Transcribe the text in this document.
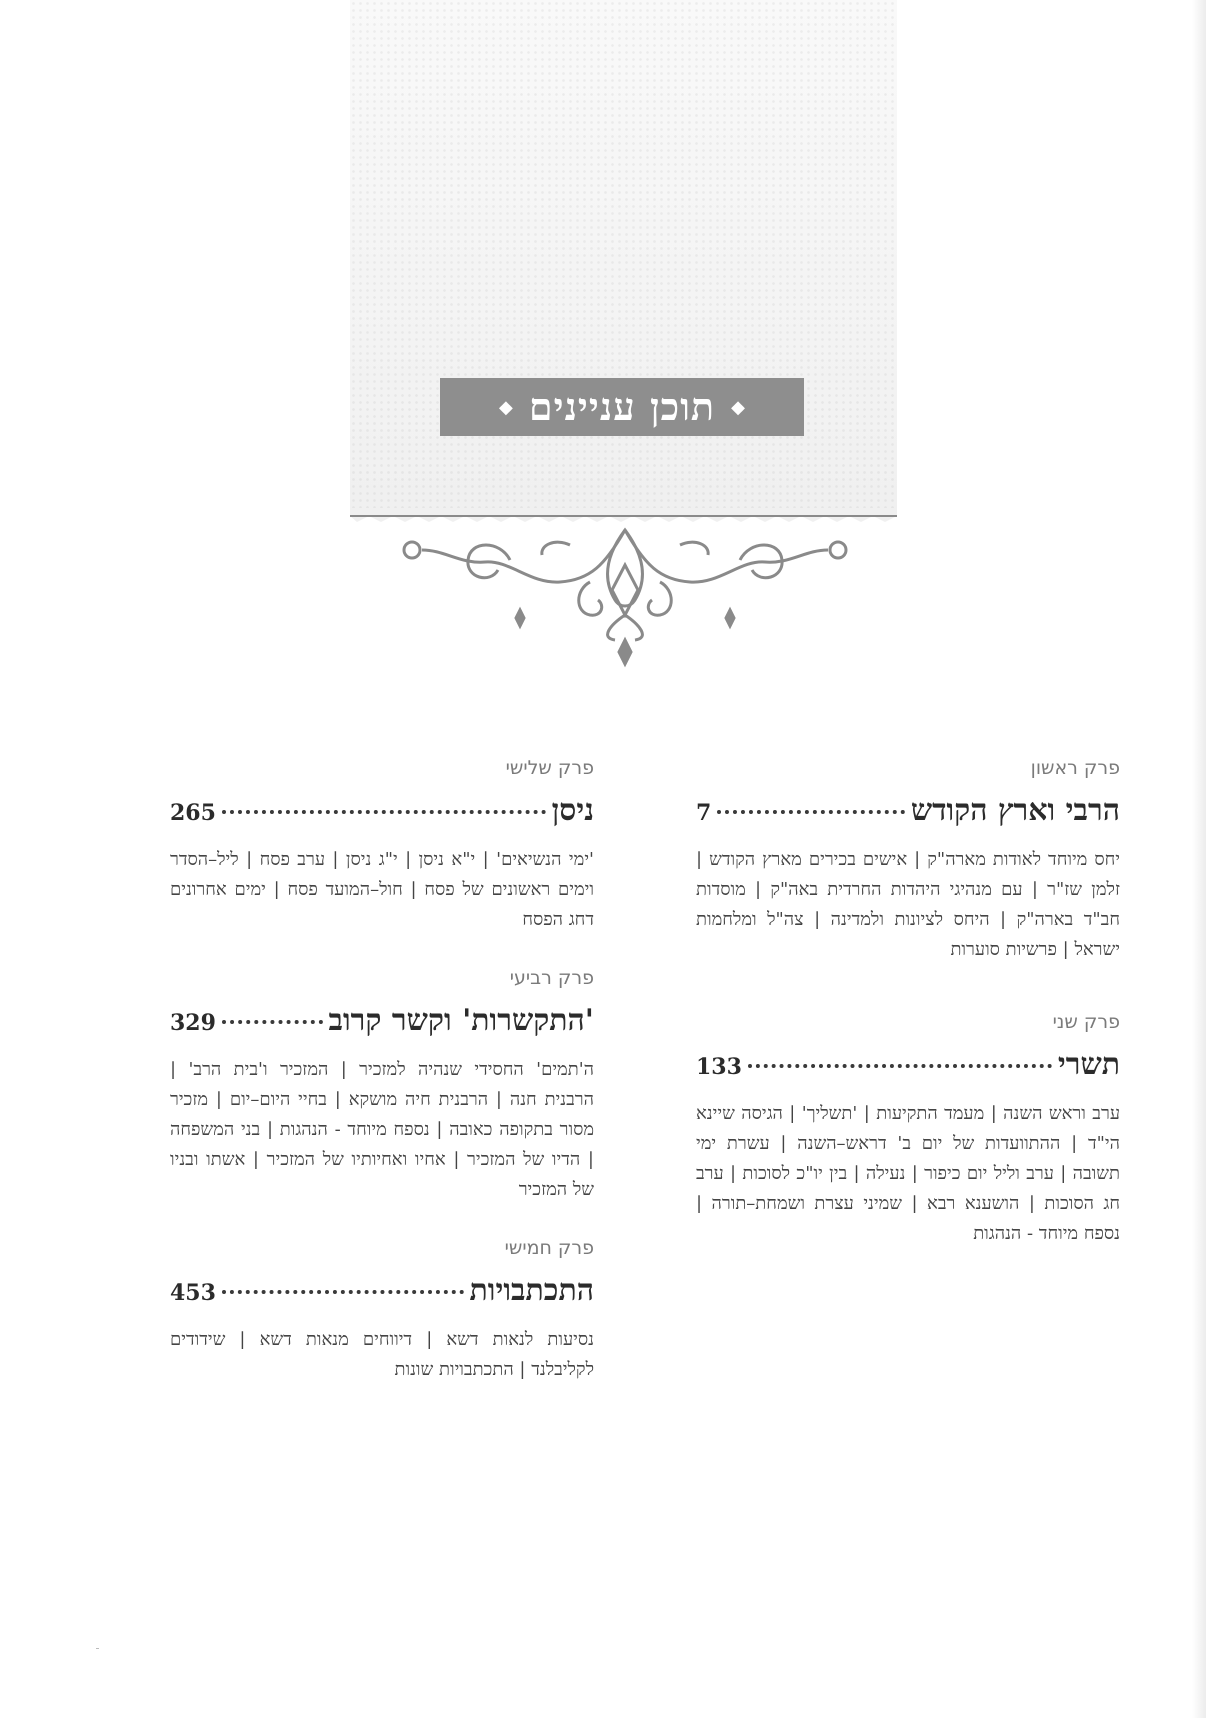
◆
תוכן עניינים
◆
פרק ראשון
הרבי וארץ הקודש
7
יחס מיוחד לאודות מארה"ק | אישים בכירים מארץ הקודש | זלמן שז"ר | עם מנהיגי היהדות החרדית באה"ק | מוסדות חב"ד בארה"ק | היחס לציונות ולמדינה | צה"ל ומלחמות ישראל | פרשיות סוערות
פרק שני
תשרי
133
ערב וראש השנה | מעמד התקיעות | 'תשליך' | הגיסה שיינא הי"ד | ההתוועדות של יום ב' דראש–השנה | עשרת ימי תשובה | ערב וליל יום כיפור | נעילה | בין יו"כ לסוכות | ערב חג הסוכות | הושענא רבא | שמיני עצרת ושמחת–תורה | נספח מיוחד - הנהגות
פרק שלישי
ניסן
265
'ימי הנשיאים' | י"א ניסן | י"ג ניסן | ערב פסח | ליל–הסדר וימים ראשונים של פסח | חול–המועד פסח | ימים אחרונים דחג הפסח
פרק רביעי
'התקשרות' וקשר קרוב
329
ה'תמים' החסידי שנהיה למזכיר | המזכיר ו'בית הרב' | הרבנית חנה | הרבנית חיה מושקא | בחיי היום–יום | מזכיר מסור בתקופה כאובה | נספח מיוחד - הנהגות | בני המשפחה | הדיו של המזכיר | אחיו ואחיותיו של המזכיר | אשתו ובניו של המזכיר
פרק חמישי
התכתבויות
453
נסיעות לנאות דשא | דיווחים מנאות דשא | שידודים לקליבלנד | התכתבויות שונות
